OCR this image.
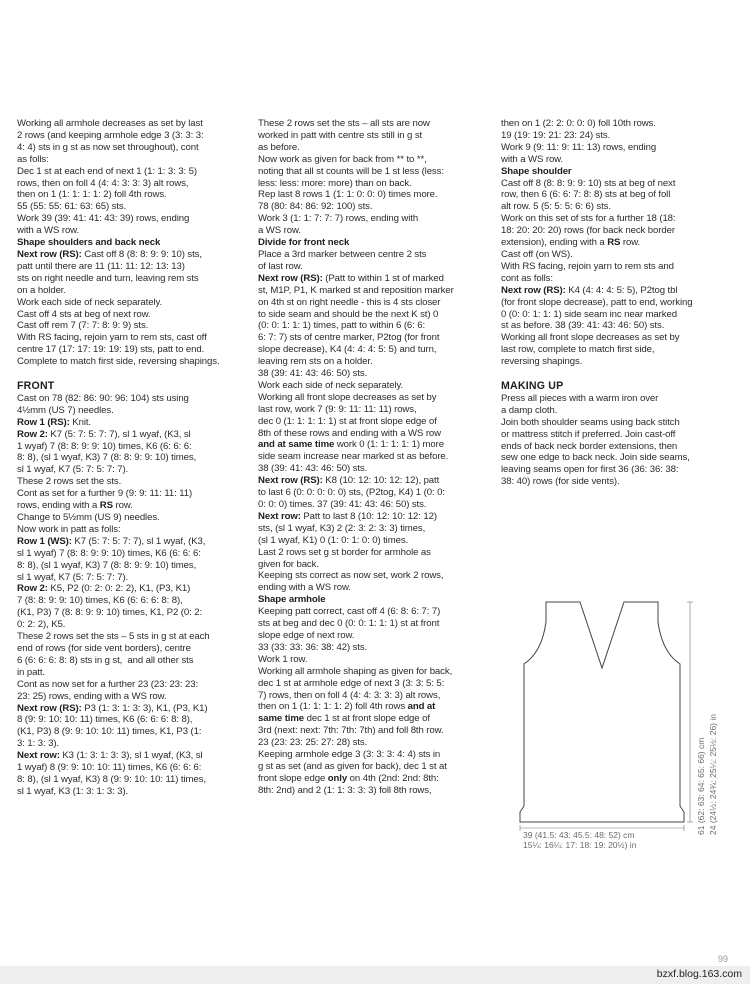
Working all armhole decreases as set by last

2 rows (and keeping armhole edge 3 (3: 3: 3:

4: 4) sts in g st as now set throughout), cont

as folls:

Dec 1 st at each end of next 1 (1: 1: 3: 3: 5)

rows, then on foll 4 (4: 4: 3: 3: 3) alt rows,

then on 1 (1: 1: 1: 1: 2) foll 4th rows.

55 (55: 55: 61: 63: 65) sts.

Work 39 (39: 41: 41: 43: 39) rows, ending

with a WS row.

Shape shoulders and back neck

Next row (RS): Cast off 8 (8: 8: 9: 9: 10) sts,

patt until there are 11 (11: 11: 12: 13: 13)

sts on right needle and turn, leaving rem sts

on a holder.

Work each side of neck separately.

Cast off 4 sts at beg of next row.

Cast off rem 7 (7: 7: 8: 9: 9) sts.

With RS facing, rejoin yarn to rem sts, cast off

centre 17 (17: 17: 19: 19: 19) sts, patt to end.

Complete to match first side, reversing shapings.

FRONT

Cast on 78 (82: 86: 90: 96: 104) sts using

4½mm (US 7) needles.

Row 1 (RS): Knit.

Row 2: K7 (5: 7: 5: 7: 7), sl 1 wyaf, (K3, sl

1 wyaf) 7 (8: 8: 9: 9: 10) times, K6 (6: 6: 6:

8: 8), (sl 1 wyaf, K3) 7 (8: 8: 9: 9: 10) times,

sl 1 wyaf, K7 (5: 7: 5: 7: 7).

These 2 rows set the sts.

Cont as set for a further 9 (9: 9: 11: 11: 11)

rows, ending with a RS row.

Change to 5½mm (US 9) needles.

Now work in patt as folls:

Row 1 (WS): K7 (5: 7: 5: 7: 7), sl 1 wyaf, (K3,

sl 1 wyaf) 7 (8: 8: 9: 9: 10) times, K6 (6: 6: 6:

8: 8), (sl 1 wyaf, K3) 7 (8: 8: 9: 9: 10) times,

sl 1 wyaf, K7 (5: 7: 5: 7: 7).

Row 2: K5, P2 (0: 2: 0: 2: 2), K1, (P3, K1)

7 (8: 8: 9: 9: 10) times, K6 (6: 6: 6: 8: 8),

(K1, P3) 7 (8: 8: 9: 9: 10) times, K1, P2 (0: 2:

0: 2: 2), K5.

These 2 rows set the sts – 5 sts in g st at each

end of rows (for side vent borders), centre

6 (6: 6: 6: 8: 8) sts in g st,  and all other sts

in patt.

Cont as now set for a further 23 (23: 23: 23:

23: 25) rows, ending with a WS row.

Next row (RS): P3 (1: 3: 1: 3: 3), K1, (P3, K1)

8 (9: 9: 10: 10: 11) times, K6 (6: 6: 6: 8: 8),

(K1, P3) 8 (9: 9: 10: 10: 11) times, K1, P3 (1:

3: 1: 3: 3).

Next row: K3 (1: 3: 1: 3: 3), sl 1 wyaf, (K3, sl

1 wyaf) 8 (9: 9: 10: 10: 11) times, K6 (6: 6: 6:

8: 8), (sl 1 wyaf, K3) 8 (9: 9: 10: 10: 11) times,

sl 1 wyaf, K3 (1: 3: 1: 3: 3).

These 2 rows set the sts – all sts are now

worked in patt with centre sts still in g st

as before.

Now work as given for back from ** to **,

noting that all st counts will be 1 st less (less:

less: less: more: more) than on back.

Rep last 8 rows 1 (1: 1: 0: 0: 0) times more.

78 (80: 84: 86: 92: 100) sts.

Work 3 (1: 1: 7: 7: 7) rows, ending with

a WS row.

Divide for front neck

Place a 3rd marker between centre 2 sts

of last row.

Next row (RS): (Patt to within 1 st of marked

st, M1P, P1, K marked st and reposition marker

on 4th st on right needle - this is 4 sts closer

to side seam and should be the next K st) 0

(0: 0: 1: 1: 1) times, patt to within 6 (6: 6:

6: 7: 7) sts of centre marker, P2tog (for front

slope decrease), K4 (4: 4: 4: 5: 5) and turn,

leaving rem sts on a holder.

38 (39: 41: 43: 46: 50) sts.

Work each side of neck separately.

Working all front slope decreases as set by

last row, work 7 (9: 9: 11: 11: 11) rows,

dec 0 (1: 1: 1: 1: 1) st at front slope edge of

8th of these rows and ending with a WS row

and at same time work 0 (1: 1: 1: 1: 1) more

side seam increase near marked st as before.

38 (39: 41: 43: 46: 50) sts.

Next row (RS): K8 (10: 12: 10: 12: 12), patt

to last 6 (0: 0: 0: 0: 0) sts, (P2tog, K4) 1 (0: 0:

0: 0: 0) times. 37 (39: 41: 43: 46: 50) sts.

Next row: Patt to last 8 (10: 12: 10: 12: 12)

sts, (sl 1 wyaf, K3) 2 (2: 3: 2: 3: 3) times,

(sl 1 wyaf, K1) 0 (1: 0: 1: 0: 0) times.

Last 2 rows set g st border for armhole as

given for back.

Keeping sts correct as now set, work 2 rows,

ending with a WS row.

Shape armhole

Keeping patt correct, cast off 4 (6: 8: 6: 7: 7)

sts at beg and dec 0 (0: 0: 1: 1: 1) st at front

slope edge of next row.

33 (33: 33: 36: 38: 42) sts.

Work 1 row.

Working all armhole shaping as given for back,

dec 1 st at armhole edge of next 3 (3: 3: 5: 5:

7) rows, then on foll 4 (4: 4: 3: 3: 3) alt rows,

then on 1 (1: 1: 1: 1: 2) foll 4th rows and at

same time dec 1 st at front slope edge of

3rd (next: next: 7th: 7th: 7th) and foll 8th row.

23 (23: 23: 25: 27: 28) sts.

Keeping armhole edge 3 (3: 3: 3: 4: 4) sts in

g st as set (and as given for back), dec 1 st at

front slope edge only on 4th (2nd: 2nd: 8th:

8th: 2nd) and 2 (1: 1: 3: 3: 3) foll 8th rows,

then on 1 (2: 2: 0: 0: 0) foll 10th rows.

19 (19: 19: 21: 23: 24) sts.

Work 9 (9: 11: 9: 11: 13) rows, ending

with a WS row.

Shape shoulder

Cast off 8 (8: 8: 9: 9: 10) sts at beg of next

row, then 6 (6: 6: 7: 8: 8) sts at beg of foll

alt row. 5 (5: 5: 5: 6: 6) sts.

Work on this set of sts for a further 18 (18:

18: 20: 20: 20) rows (for back neck border

extension), ending with a RS row.

Cast off (on WS).

With RS facing, rejoin yarn to rem sts and

cont as folls:

Next row (RS): K4 (4: 4: 4: 5: 5), P2tog tbl

(for front slope decrease), patt to end, working

0 (0: 0: 1: 1: 1) side seam inc near marked

st as before. 38 (39: 41: 43: 46: 50) sts.

Working all front slope decreases as set by

last row, complete to match first side,

reversing shapings.

MAKING UP

Press all pieces with a warm iron over

a damp cloth.

Join both shoulder seams using back stitch

or mattress stitch if preferred. Join cast-off

ends of back neck border extensions, then

sew one edge to back neck. Join side seams,

leaving seams open for first 36 (36: 36: 38:

38: 40) rows (for side vents).

61 (62: 63: 64: 65: 66) cm 24 (24½: 24¾: 25¼: 25½: 26) in
39 (41.5: 43: 45.5: 48: 52) cm
15¼: 16¼: 17: 18: 19: 20½) in
99
bzxf.blog.163.com
